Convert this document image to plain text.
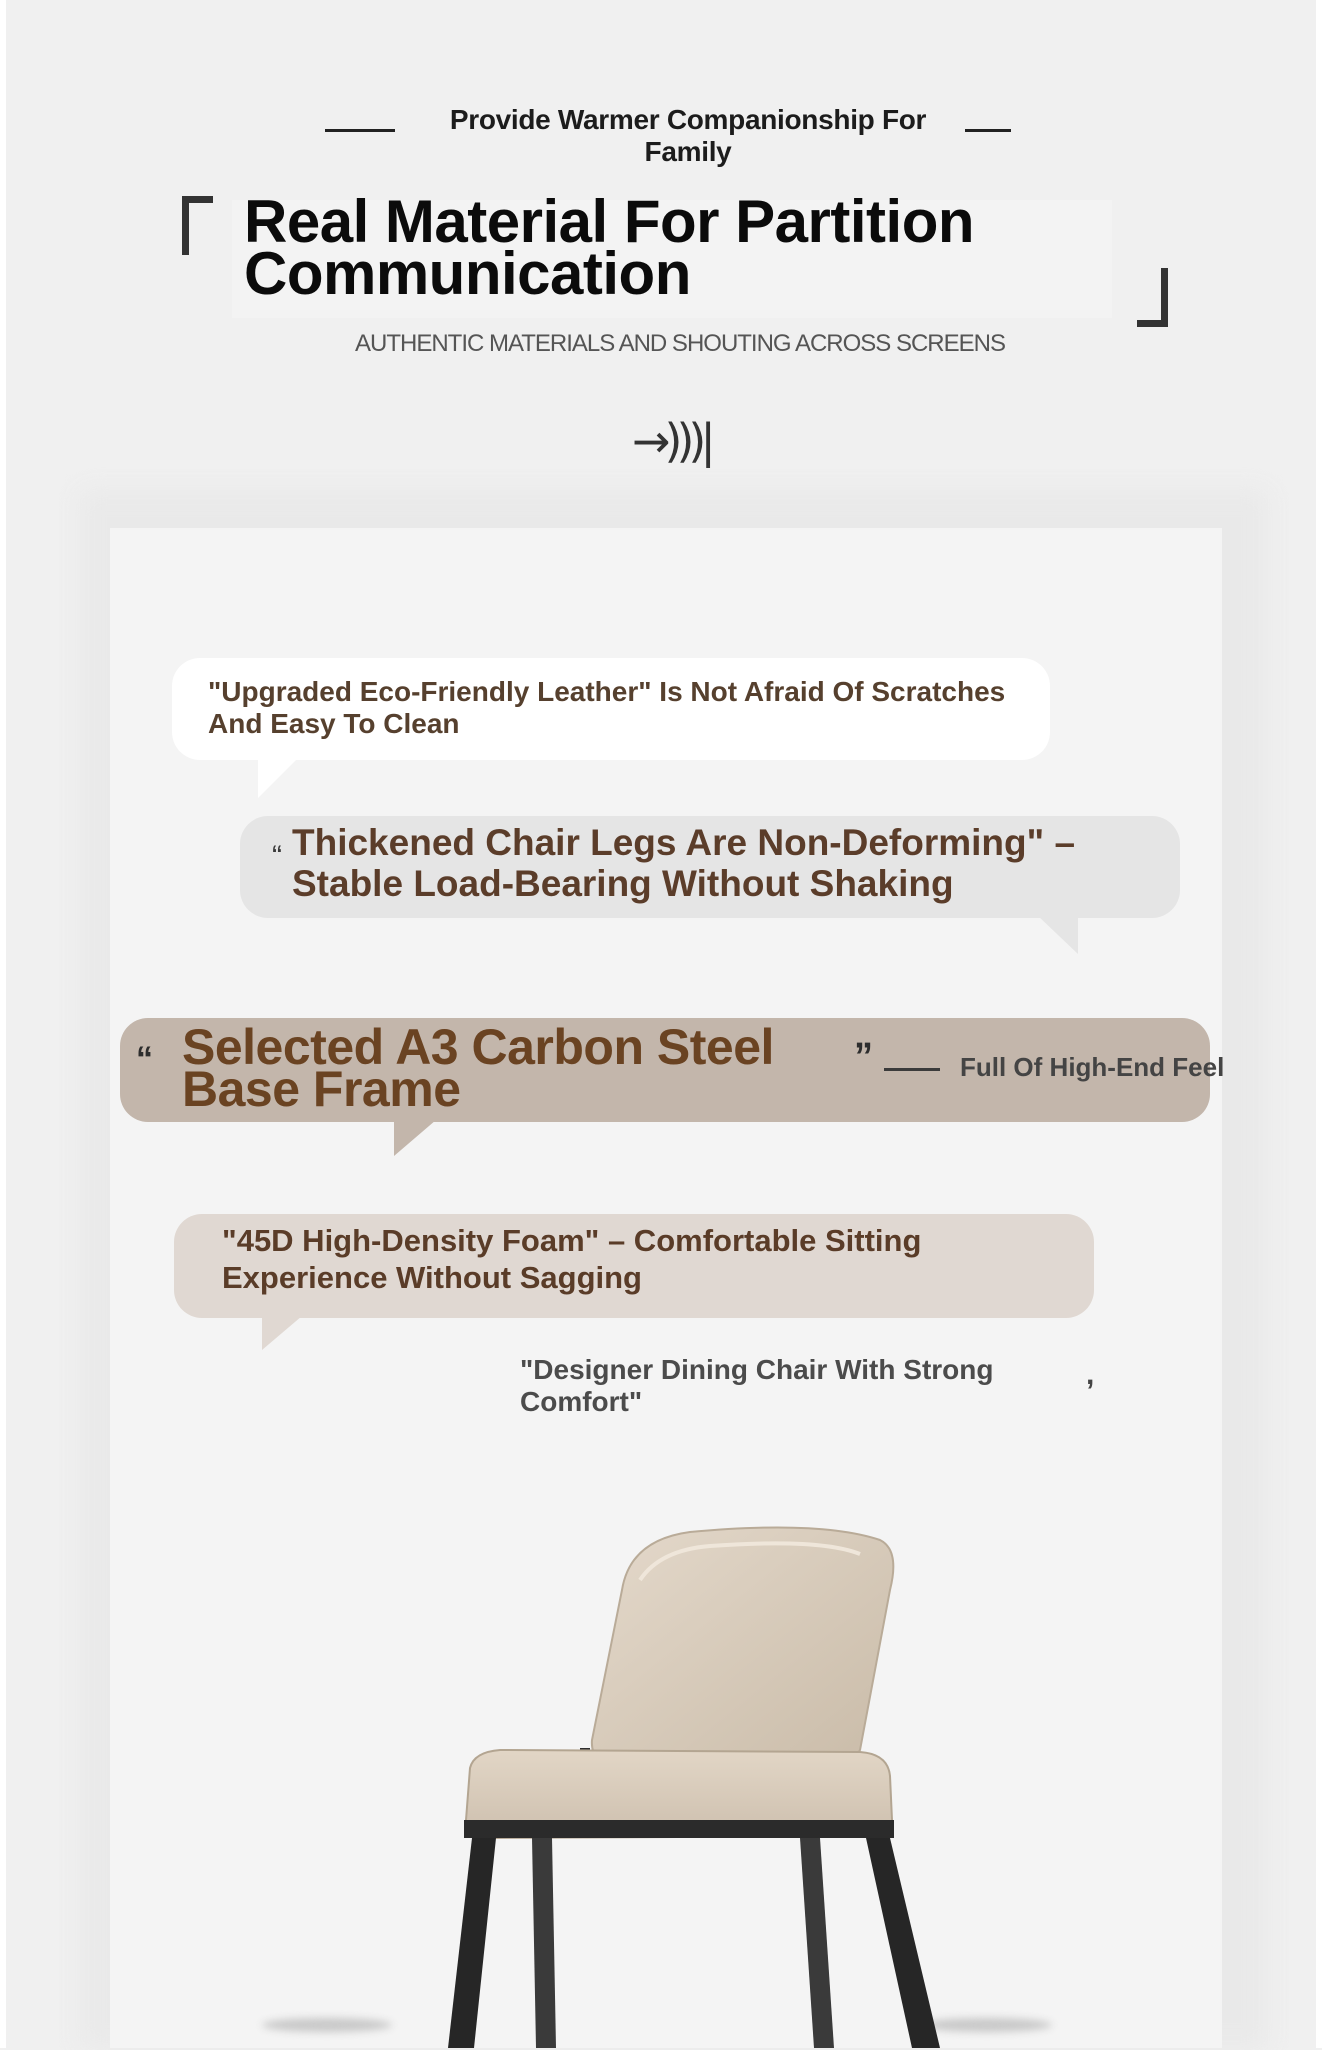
Provide Warmer Companionship For Family
Real Material For Partition Communication
AUTHENTIC MATERIALS AND SHOUTING ACROSS SCREENS
→)))|
"Upgraded Eco-Friendly Leather" Is Not Afraid Of Scratches And Easy To Clean
“ Thickened Chair Legs Are Non-Deforming" – Stable Load-Bearing Without Shaking
“ Selected A3 Carbon Steel Base Frame
”	Full Of High-End Feel
"45D High-Density Foam" – Comfortable Sitting Experience Without Sagging
"Designer Dining Chair With Strong Comfort"
,
